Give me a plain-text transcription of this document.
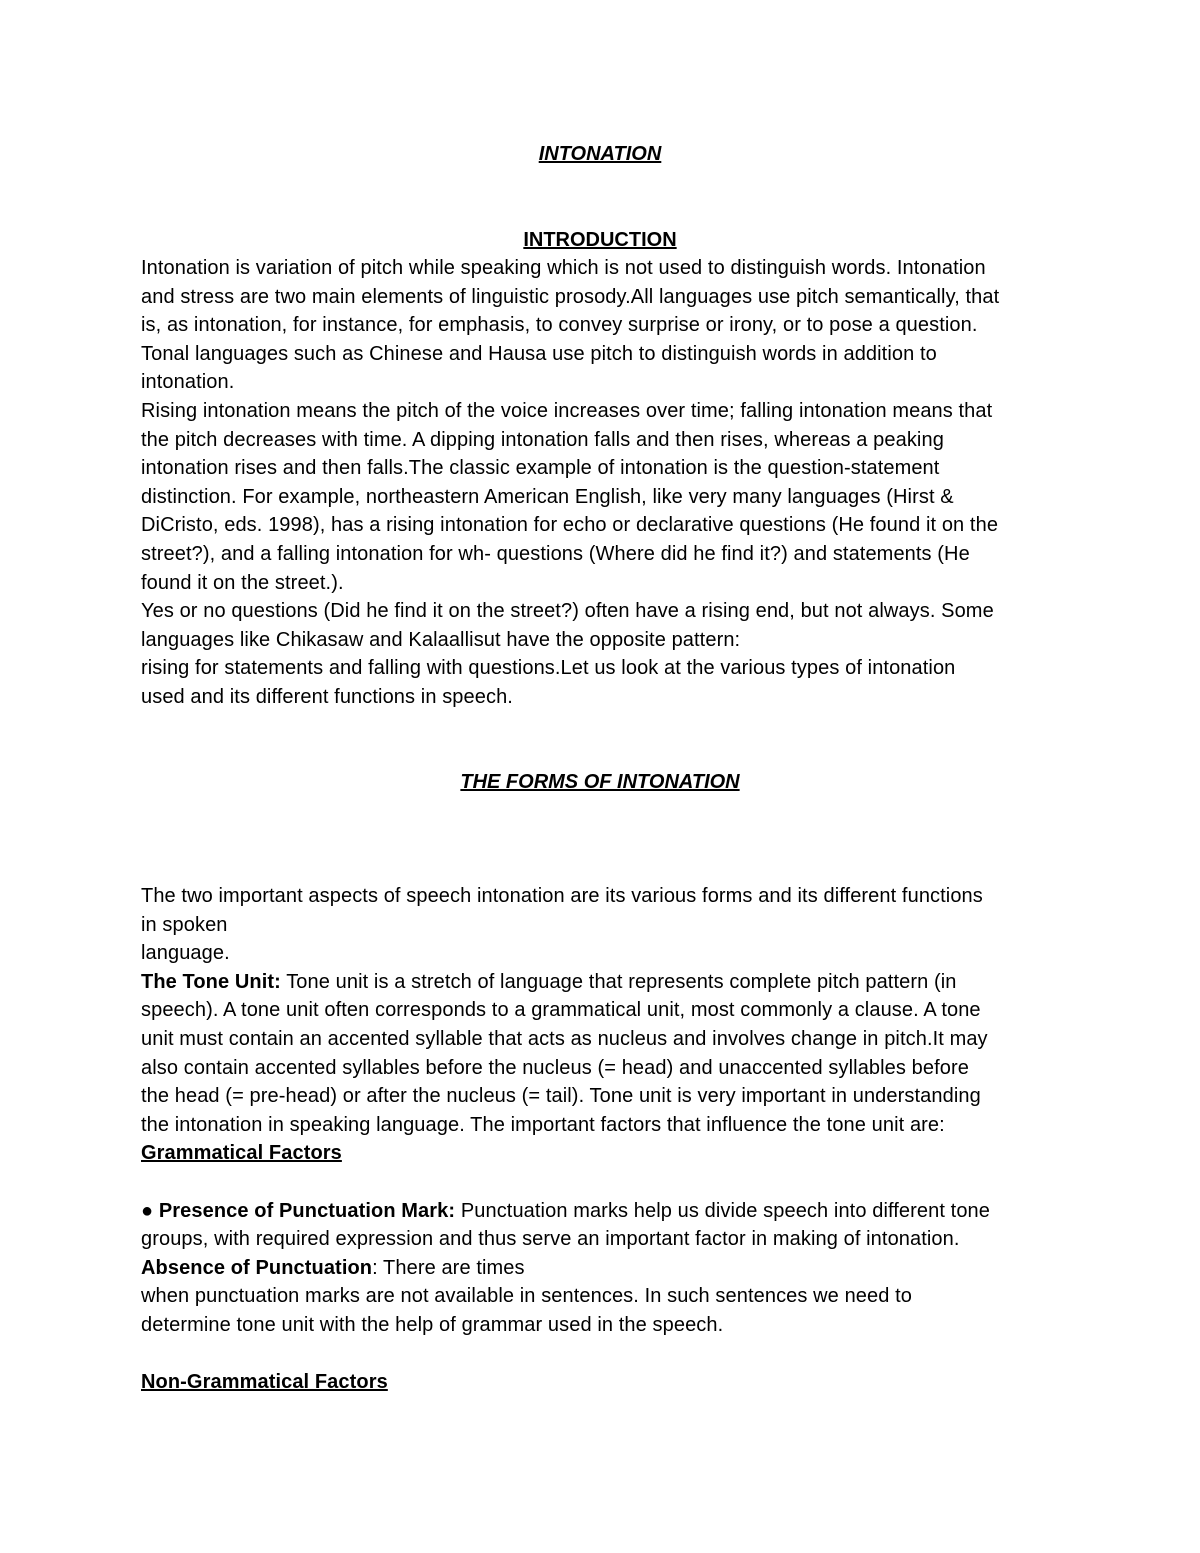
INTONATION
INTRODUCTION
Intonation is variation of pitch while speaking which is not used to distinguish words. Intonation
and stress are two main elements of linguistic prosody.All languages use pitch semantically, that
is, as intonation, for instance, for emphasis, to convey surprise or irony, or to pose a question.
Tonal languages such as Chinese and Hausa use pitch to distinguish words in addition to
intonation.
Rising intonation means the pitch of the voice increases over time; falling intonation means that
the pitch decreases with time. A dipping intonation falls and then rises, whereas a peaking
intonation rises and then falls.The classic example of intonation is the question-statement
distinction. For example, northeastern American English, like very many languages (Hirst &
DiCristo, eds. 1998), has a rising intonation for echo or declarative questions (He found it on the
street?), and a falling intonation for wh- questions (Where did he find it?) and statements (He
found it on the street.).
Yes or no questions (Did he find it on the street?) often have a rising end, but not always. Some
languages like Chikasaw and Kalaallisut have the opposite pattern:
rising for statements and falling with questions.Let us look at the various types of intonation
used and its different functions in speech.
THE FORMS OF INTONATION
The two important aspects of speech intonation are its various forms and its different functions
in spoken
language.
The Tone Unit: Tone unit is a stretch of language that represents complete pitch pattern (in
speech). A tone unit often corresponds to a grammatical unit, most commonly a clause. A tone
unit must contain an accented syllable that acts as nucleus and involves change in pitch.It may
also contain accented syllables before the nucleus (= head) and unaccented syllables before
the head (= pre-head) or after the nucleus (= tail). Tone unit is very important in understanding
the intonation in speaking language. The important factors that influence the tone unit are:
Grammatical Factors

● Presence of Punctuation Mark: Punctuation marks help us divide speech into different tone
groups, with required expression and thus serve an important factor in making of intonation.
Absence of Punctuation: There are times
when punctuation marks are not available in sentences. In such sentences we need to
determine tone unit with the help of grammar used in the speech.

Non-Grammatical Factors
